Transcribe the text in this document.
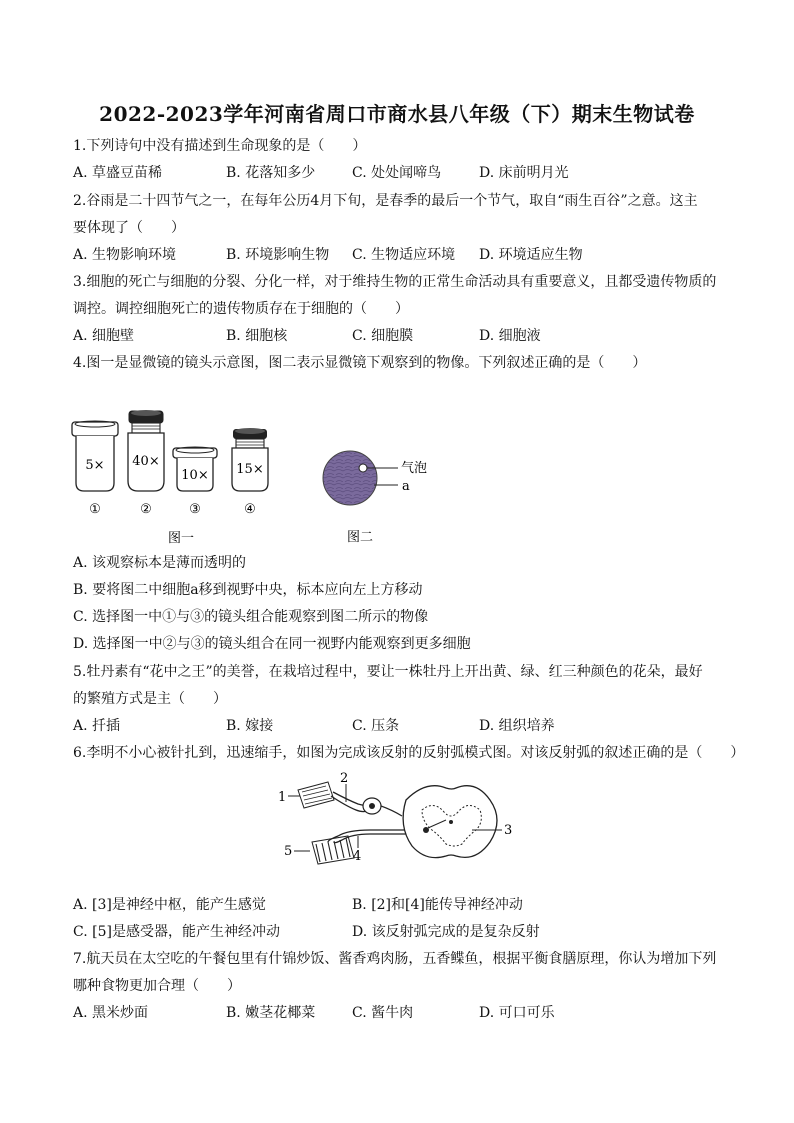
2022-2023学年河南省周口市商水县八年级（下）期末生物试卷
1.下列诗句中没有描述到生命现象的是（　　）
A. 草盛豆苗稀	B. 花落知多少	C. 处处闻啼鸟	D. 床前明月光
2.谷雨是二十四节气之一，在每年公历4月下旬，是春季的最后一个节气，取自“雨生百谷”之意。这主
要体现了（　　）
A. 生物影响环境	B. 环境影响生物 C. 生物适应环境 D. 环境适应生物
3.细胞的死亡与细胞的分裂、分化一样，对于维持生物的正常生命活动具有重要意义，且都受遗传物质的
调控。调控细胞死亡的遗传物质存在于细胞的（　　）
A. 细胞壁	B. 细胞核	C. 细胞膜	D. 细胞液
4.图一是显微镜的镜头示意图，图二表示显微镜下观察到的物像。下列叙述正确的是（　　）
5× 40×
10× 15×
①	②	③	④
图一
气泡
a
图二
A. 该观察标本是薄而透明的
B. 要将图二中细胞a移到视野中央，标本应向左上方移动
C. 选择图一中①与③的镜头组合能观察到图二所示的物像
D. 选择图一中②与③的镜头组合在同一视野内能观察到更多细胞
5.牡丹素有“花中之王”的美誉，在栽培过程中，要让一株牡丹上开出黄、绿、红三种颜色的花朵，最好
的繁殖方式是主（　　）
A. 扦插	B. 嫁接	C. 压条	D. 组织培养
6.李明不小心被针扎到，迅速缩手，如图为完成该反射的反射弧模式图。对该反射弧的叙述正确的是（　　）
1
2
3
4
5
A. [3]是神经中枢，能产生感觉	B. [2]和[4]能传导神经冲动
C. [5]是感受器，能产生神经冲动	D. 该反射弧完成的是复杂反射
7.航天员在太空吃的午餐包里有什锦炒饭、酱香鸡肉肠，五香鲽鱼，根据平衡食膳原理，你认为增加下列
哪种食物更加合理（　　）
A. 黑米炒面	B. 嫩茎花椰菜	C. 酱牛肉	D. 可口可乐
